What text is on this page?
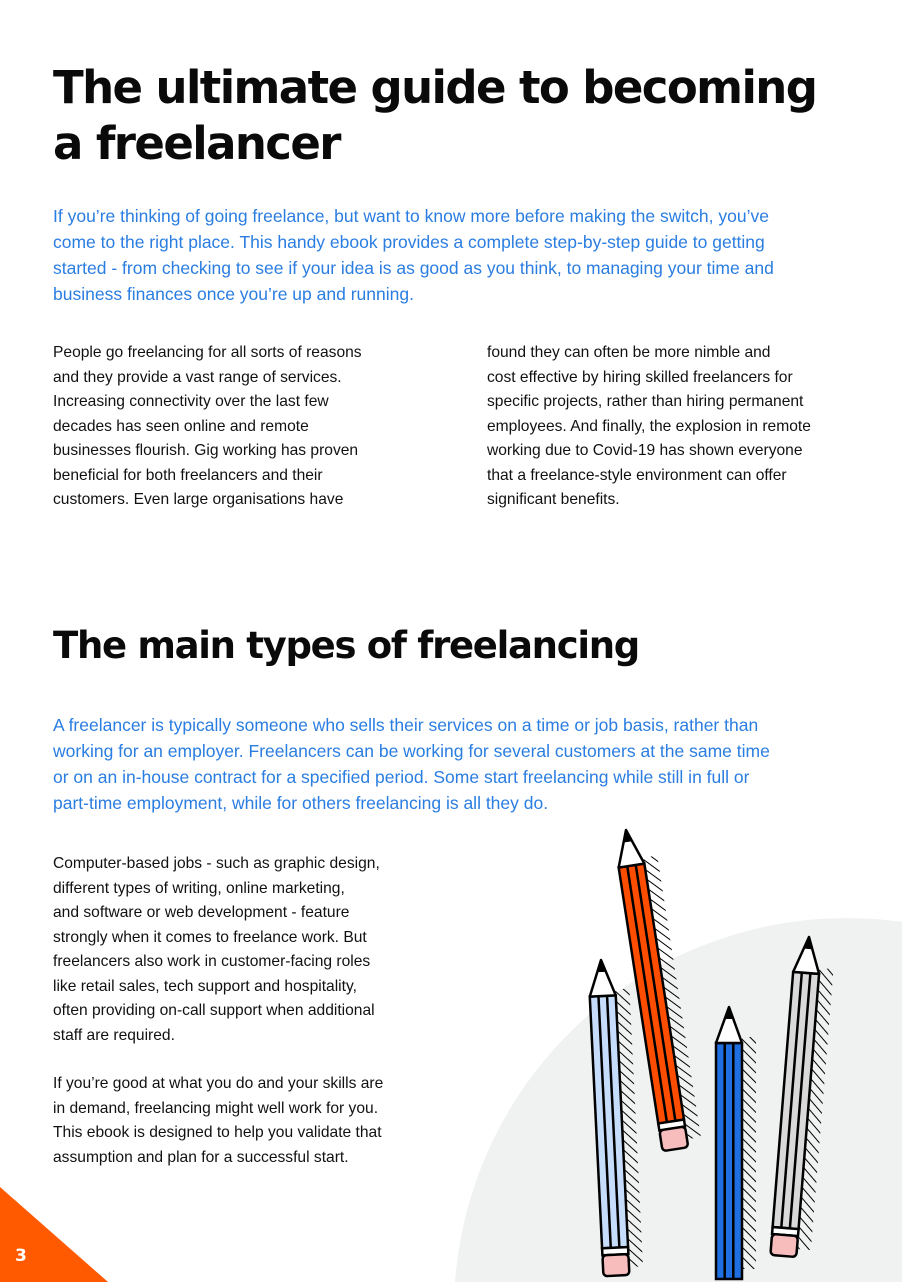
The ultimate guide to becoming
a freelancer
If you’re thinking of going freelance, but want to know more before making the switch, you’ve
come to the right place. This handy ebook provides a complete step-by-step guide to getting
started - from checking to see if your idea is as good as you think, to managing your time and
business finances once you’re up and running.
People go freelancing for all sorts of reasons
and they provide a vast range of services.
Increasing connectivity over the last few
decades has seen online and remote
businesses flourish. Gig working has proven
beneficial for both freelancers and their
customers. Even large organisations have
found they can often be more nimble and
cost effective by hiring skilled freelancers for
specific projects, rather than hiring permanent
employees. And finally, the explosion in remote
working due to Covid-19 has shown everyone
that a freelance-style environment can offer
significant benefits.
The main types of freelancing
A freelancer is typically someone who sells their services on a time or job basis, rather than
working for an employer. Freelancers can be working for several customers at the same time
or on an in-house contract for a specified period. Some start freelancing while still in full or
part-time employment, while for others freelancing is all they do.
Computer-based jobs - such as graphic design,
different types of writing, online marketing,
and software or web development - feature
strongly when it comes to freelance work. But
freelancers also work in customer-facing roles
like retail sales, tech support and hospitality,
often providing on-call support when additional
staff are required.
If you’re good at what you do and your skills are
in demand, freelancing might well work for you.
This ebook is designed to help you validate that
assumption and plan for a successful start.
3
